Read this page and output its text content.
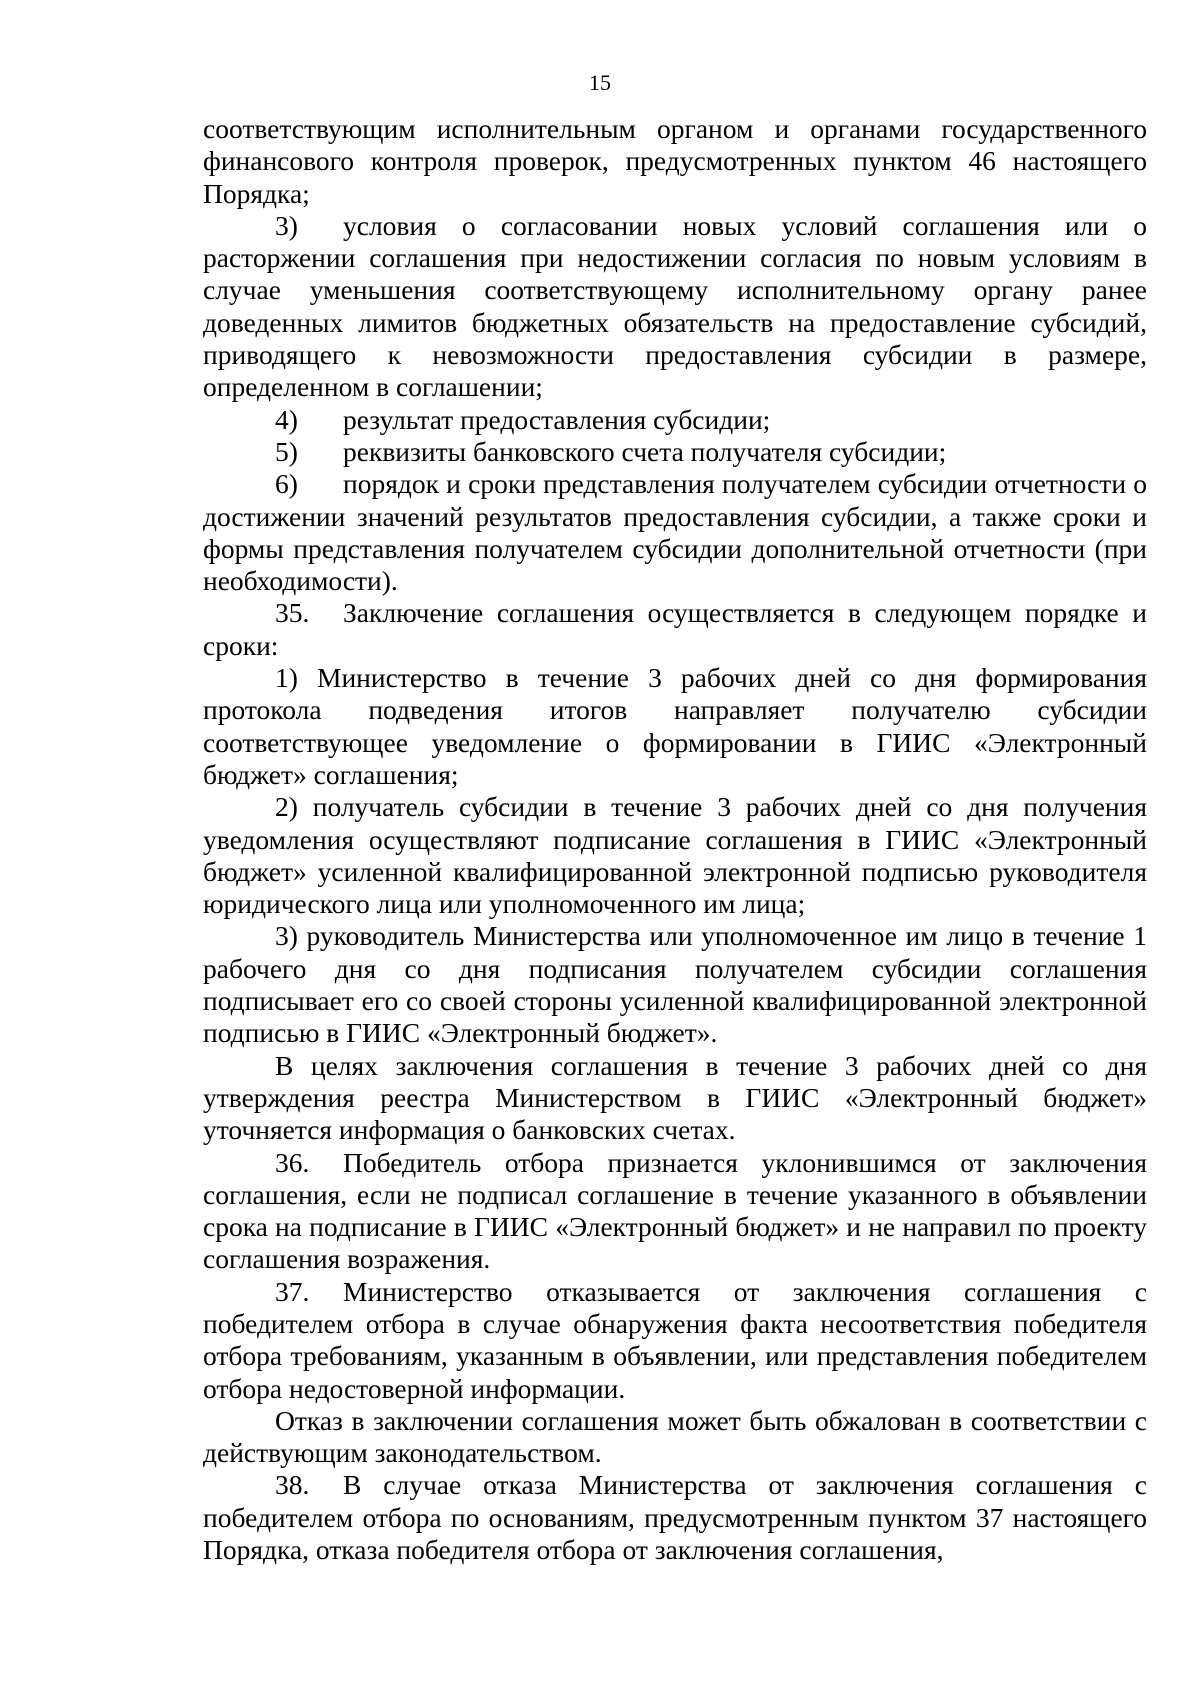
15

соответствующим исполнительным органом и органами государственного финансового контроля проверок, предусмотренных пунктом 46 настоящего Порядка;

3) условия о согласовании новых условий соглашения или о расторжении соглашения при недостижении согласия по новым условиям в случае уменьшения соответствующему исполнительному органу ранее доведенных лимитов бюджетных обязательств на предоставление субсидий, приводящего к невозможности предоставления субсидии в размере, определенном в соглашении;

4) результат предоставления субсидии;

5) реквизиты банковского счета получателя субсидии;

6) порядок и сроки представления получателем субсидии отчетности о достижении значений результатов предоставления субсидии, а также сроки и формы представления получателем субсидии дополнительной отчетности (при необходимости).

35. Заключение соглашения осуществляется в следующем порядке и сроки:

1) Министерство в течение 3 рабочих дней со дня формирования протокола подведения итогов направляет получателю субсидии соответствующее уведомление о формировании в ГИИС «Электронный бюджет» соглашения;

2) получатель субсидии в течение 3 рабочих дней со дня получения уведомления осуществляют подписание соглашения в ГИИС «Электронный бюджет» усиленной квалифицированной электронной подписью руководителя юридического лица или уполномоченного им лица;

3) руководитель Министерства или уполномоченное им лицо в течение 1 рабочего дня со дня подписания получателем субсидии соглашения подписывает его со своей стороны усиленной квалифицированной электронной подписью в ГИИС «Электронный бюджет».

В целях заключения соглашения в течение 3 рабочих дней со дня утверждения реестра Министерством в ГИИС «Электронный бюджет» уточняется информация о банковских счетах.

36. Победитель отбора признается уклонившимся от заключения соглашения, если не подписал соглашение в течение указанного в объявлении срока на подписание в ГИИС «Электронный бюджет» и не направил по проекту соглашения возражения.

37. Министерство отказывается от заключения соглашения с победителем отбора в случае обнаружения факта несоответствия победителя отбора требованиям, указанным в объявлении, или представления победителем отбора недостоверной информации.

Отказ в заключении соглашения может быть обжалован в соответствии с действующим законодательством.

38. В случае отказа Министерства от заключения соглашения с победителем отбора по основаниям, предусмотренным пунктом 37 настоящего Порядка, отказа победителя отбора от заключения соглашения,
